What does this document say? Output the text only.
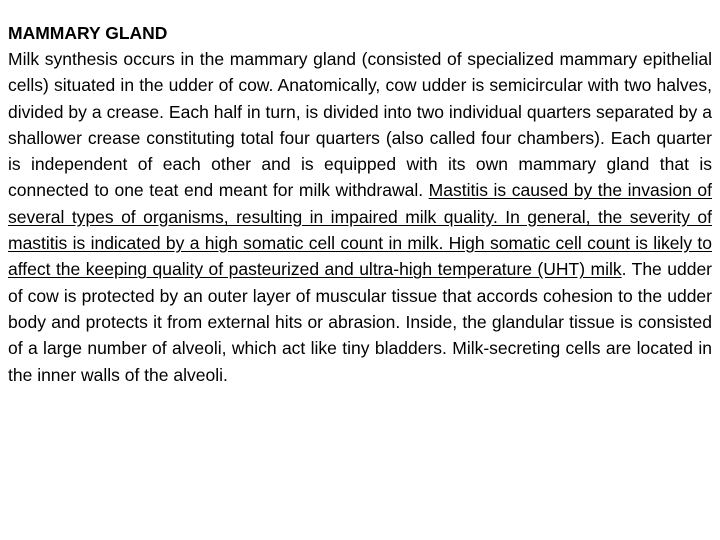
MAMMARY GLAND

Milk synthesis occurs in the mammary gland (consisted of specialized mammary epithelial cells) situated in the udder of cow. Anatomically, cow udder is semicircular with two halves, divided by a crease. Each half in turn, is divided into two individual quarters separated by a shallower crease constituting total four quarters (also called four chambers). Each quarter is independent of each other and is equipped with its own mammary gland that is connected to one teat end meant for milk withdrawal. Mastitis is caused by the invasion of several types of organisms, resulting in impaired milk quality. In general, the severity of mastitis is indicated by a high somatic cell count in milk. High somatic cell count is likely to affect the keeping quality of pasteurized and ultra-high temperature (UHT) milk. The udder of cow is protected by an outer layer of muscular tissue that accords cohesion to the udder body and protects it from external hits or abrasion. Inside, the glandular tissue is consisted of a large number of alveoli, which act like tiny bladders. Milk-secreting cells are located in the inner walls of the alveoli.
